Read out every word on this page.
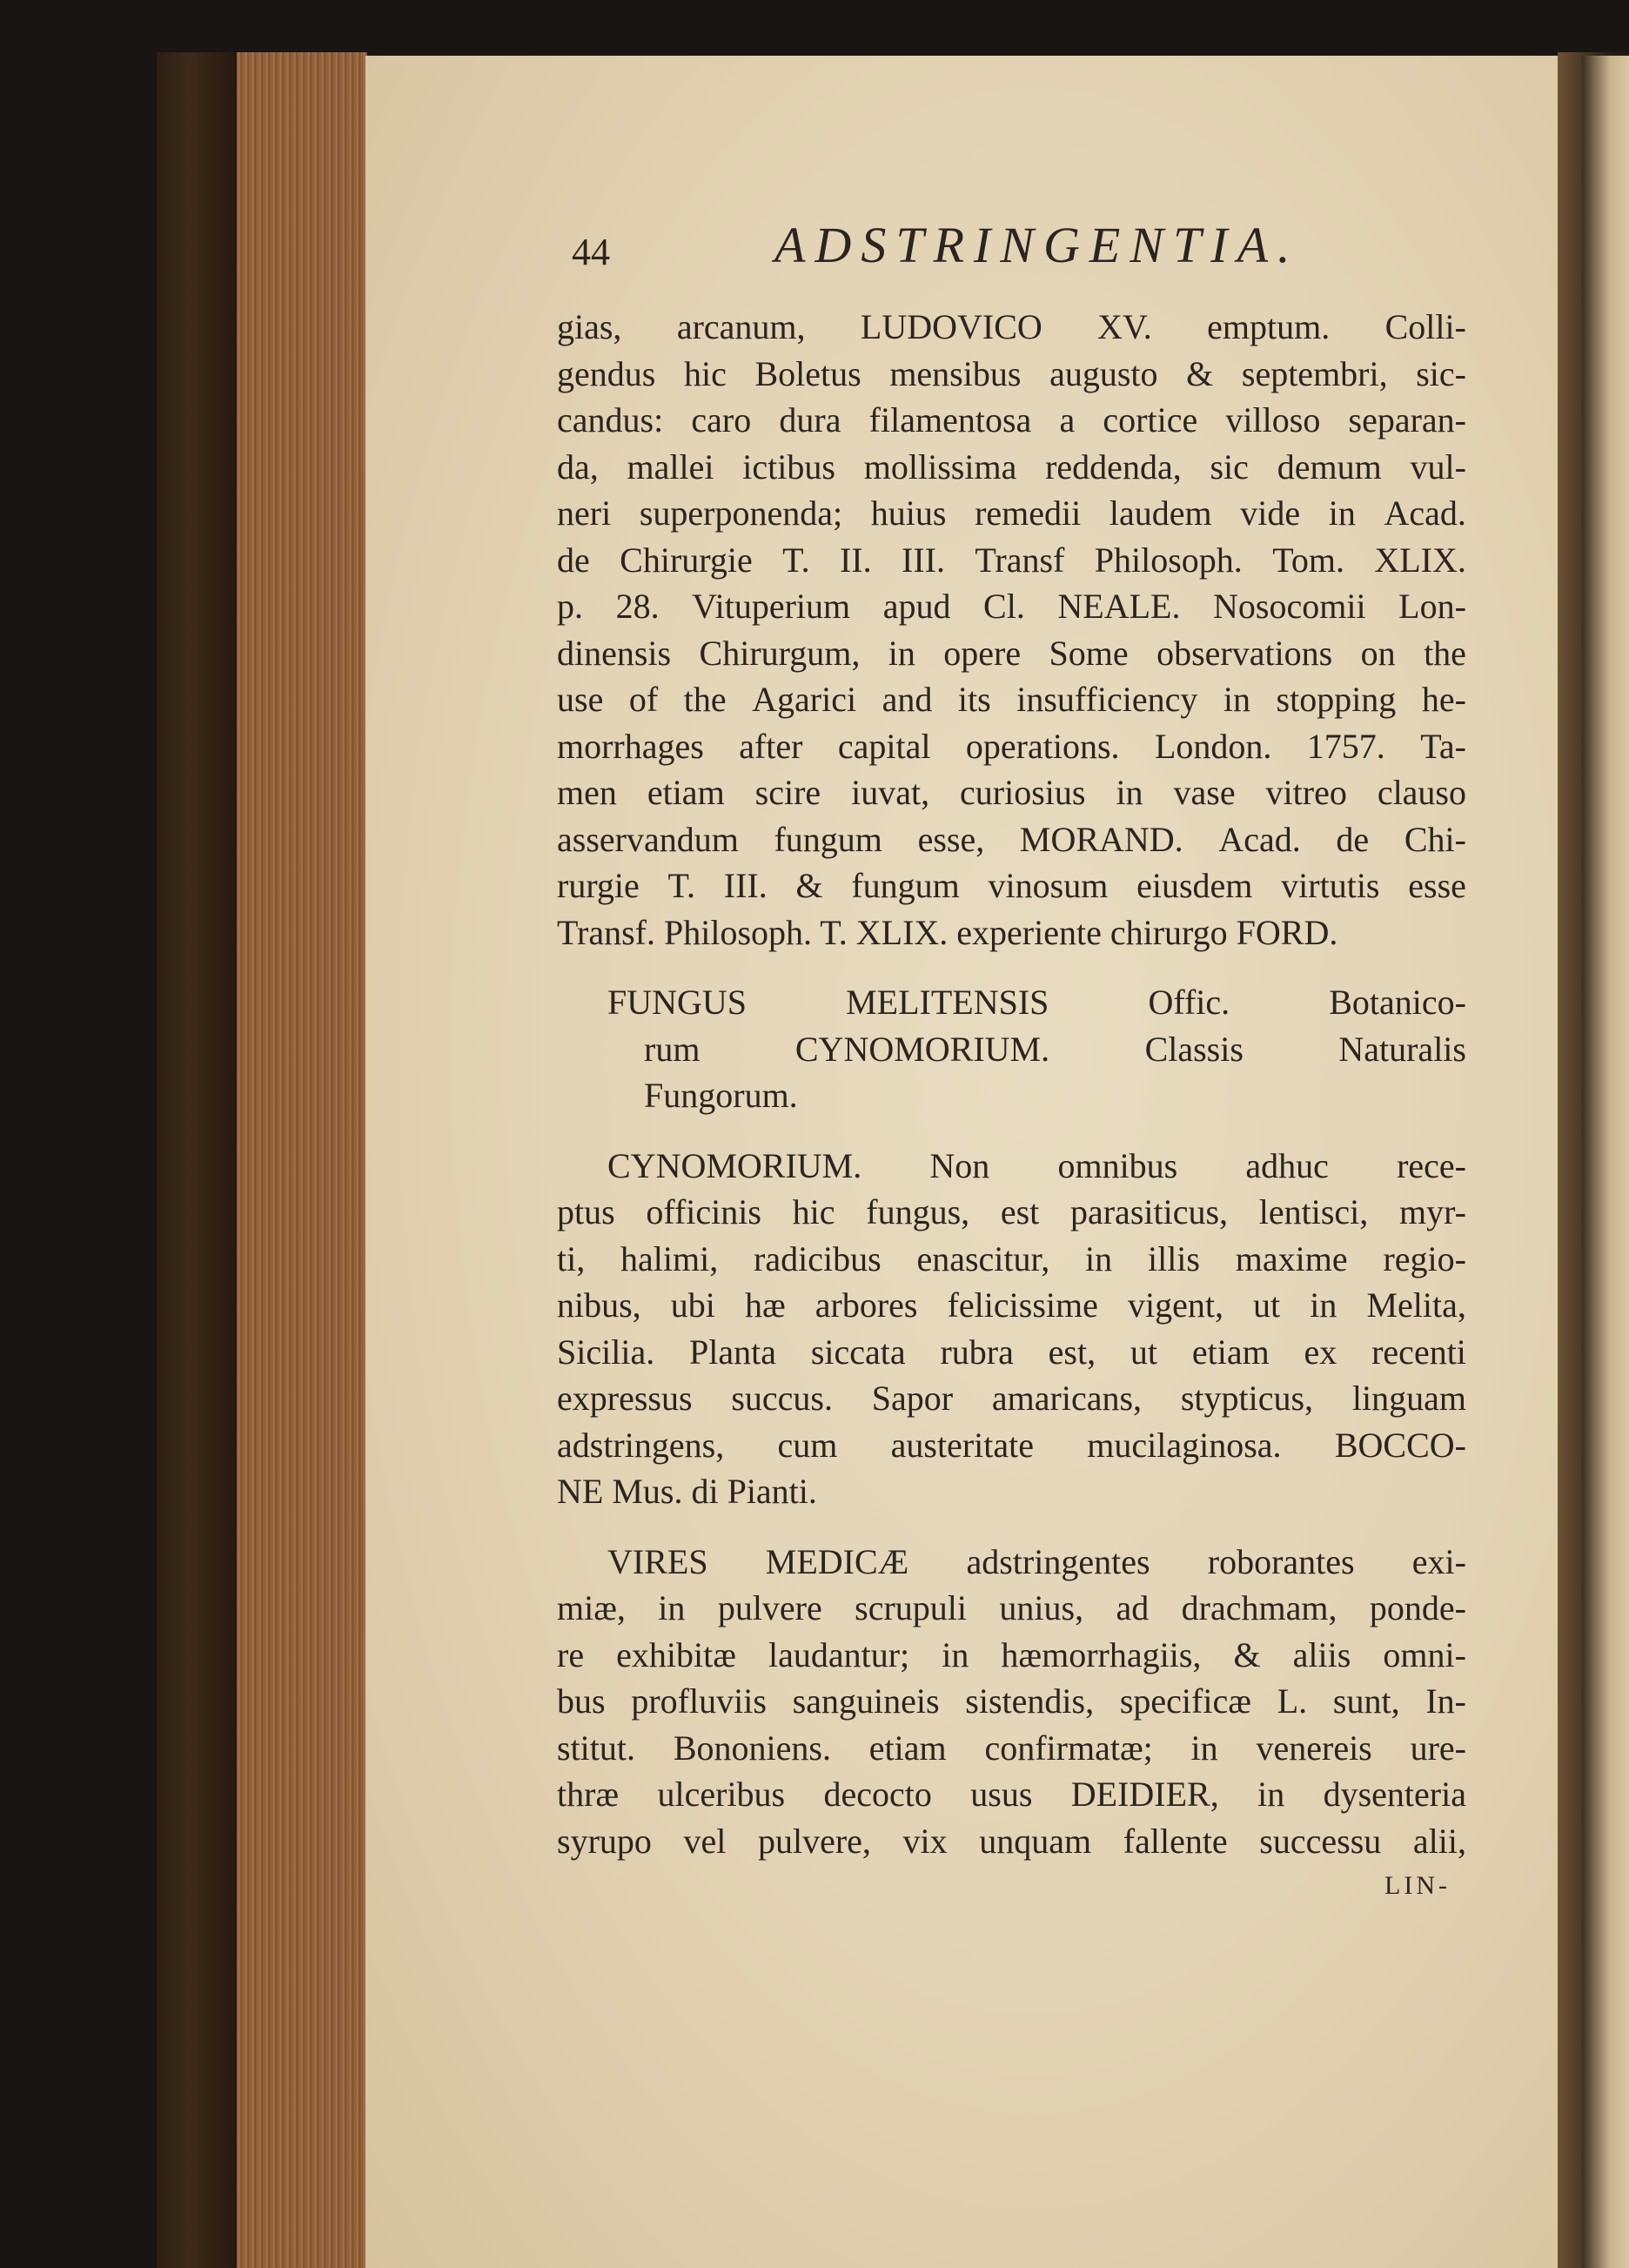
44	ADSTRINGENTIA.
gias, arcanum, LUDOVICO XV. emptum. Colli-
gendus hic Boletus mensibus augusto & septembri, sic-
candus: caro dura filamentosa a cortice villoso separan-
da, mallei ictibus mollissima reddenda, sic demum vul-
neri superponenda; huius remedii laudem vide in Acad.
de Chirurgie T. II. III. Transf Philosoph. Tom. XLIX.
p. 28. Vituperium apud Cl. NEALE. Nosocomii Lon-
dinensis Chirurgum, in opere Some observations on the
use of the Agarici and its insufficiency in stopping he-
morrhages after capital operations. London. 1757. Ta-
men etiam scire iuvat, curiosius in vase vitreo clauso
asservandum fungum esse, MORAND. Acad. de Chi-
rurgie T. III. & fungum vinosum eiusdem virtutis esse
Transf. Philosoph. T. XLIX. experiente chirurgo FORD.
FUNGUS	MELITENSIS	Offic.	Botanico-
rum	CYNOMORIUM.	Classis	Naturalis
Fungorum.
CYNOMORIUM. Non omnibus adhuc rece-
ptus officinis hic fungus, est parasiticus, lentisci, myr-
ti, halimi, radicibus enascitur, in illis maxime regio-
nibus, ubi hæ arbores felicissime vigent, ut in Melita,
Sicilia. Planta siccata rubra est, ut etiam ex recenti
expressus succus. Sapor amaricans, stypticus, linguam
adstringens, cum austeritate mucilaginosa. BOCCO-
NE Mus. di Pianti.
VIRES MEDICÆ adstringentes roborantes exi-
miæ, in pulvere scrupuli unius, ad drachmam, ponde-
re exhibitæ laudantur; in hæmorrhagiis, & aliis omni-
bus profluviis sanguineis sistendis, specificæ L. sunt, In-
stitut. Bononiens. etiam confirmatæ; in venereis ure-
thræ ulceribus decocto usus DEIDIER, in dysenteria
syrupo vel pulvere, vix unquam fallente successu alii,
LIN-
